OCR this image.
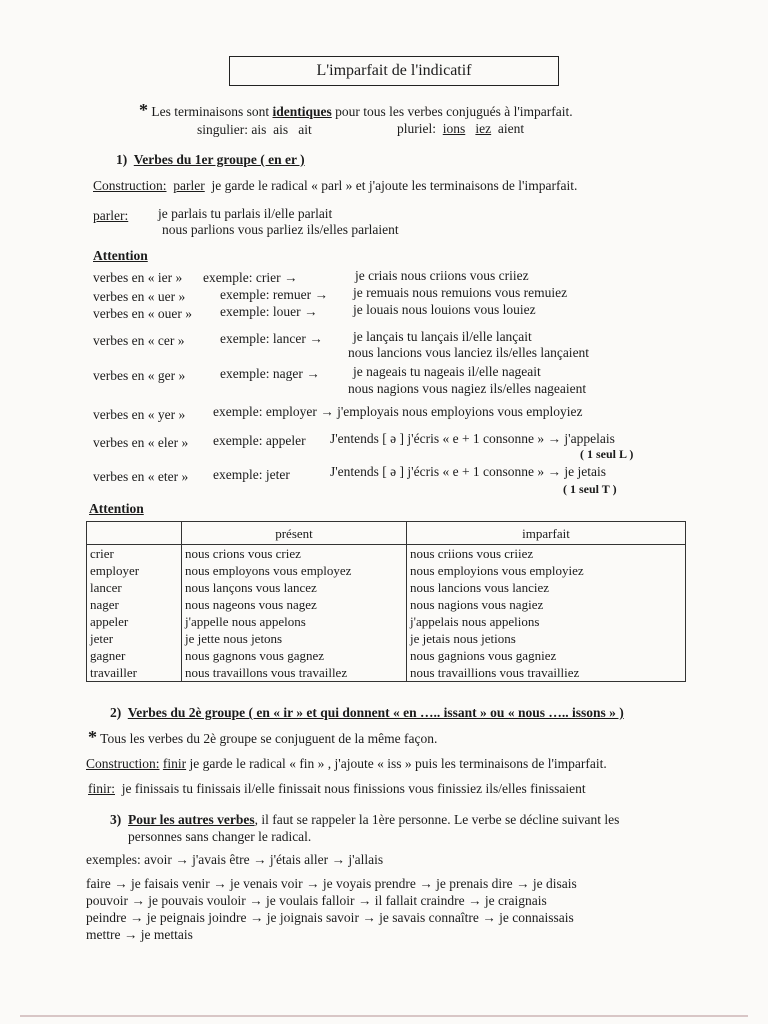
L'imparfait de l'indicatif
* Les terminaisons sont identiques pour tous les verbes conjugués à l'imparfait.
singulier: ais ais ait	pluriel: ions iez aient
1) Verbes du 1er groupe ( en er )
Construction: parler je garde le radical « parl » et j'ajoute les terminaisons de l'imparfait.
parler: je parlais tu parlais il/elle parlait
nous parlions vous parliez ils/elles parlaient
Attention
verbes en « ier » exemple: crier →	je criais nous criions vous criiez
verbes en « uer »	exemple: remuer → je remuais nous remuions vous remuiez
verbes en « ouer » exemple: louer →	je louais nous louions vous louiez
verbes en « cer »	exemple: lancer → je lançais tu lançais il/elle lançait
nous lancions vous lanciez ils/elles lançaient
verbes en « ger »	exemple: nager → je nageais tu nageais il/elle nageait
nous nagions vous nagiez ils/elles nageaient
verbes en « yer » exemple: employer → j'employais nous employions vous employiez
verbes en « eler » exemple: appeler J'entends [ ə ] j'écris « e + 1 consonne » → j'appelais
( 1 seul L )
verbes en « eter » exemple: jeter	J'entends [ ə ] j'écris « e + 1 consonne » → je jetais
( 1 seul T )
Attention
	présent	imparfait
crier	nous crions vous criez	nous criions vous criiez
employer	nous employons vous employez	nous employions vous employiez
lancer	nous lançons vous lancez	nous lancions vous lanciez
nager	nous nageons vous nagez	nous nagions vous nagiez
appeler	j'appelle nous appelons	j'appelais nous appelions
jeter	je jette nous jetons	je jetais nous jetions
gagner	nous gagnons vous gagnez	nous gagnions vous gagniez
travailler	nous travaillons vous travaillez	nous travaillions vous travailliez
2) Verbes du 2è groupe ( en « ir » et qui donnent « en ….. issant » ou « nous ….. issons » )
* Tous les verbes du 2è groupe se conjuguent de la même façon.
Construction: finir je garde le radical « fin » , j'ajoute « iss » puis les terminaisons de l'imparfait.
finir: je finissais tu finissais il/elle finissait nous finissions vous finissiez ils/elles finissaient
3) Pour les autres verbes, il faut se rappeler la 1ère personne. Le verbe se décline suivant les
personnes sans changer le radical.
exemples: avoir → j'avais être → j'étais aller → j'allais
faire → je faisais venir → je venais voir → je voyais prendre → je prenais dire → je disais
pouvoir → je pouvais vouloir → je voulais falloir → il fallait craindre → je craignais
peindre → je peignais joindre → je joignais savoir → je savais connaître → je connaissais
mettre → je mettais
